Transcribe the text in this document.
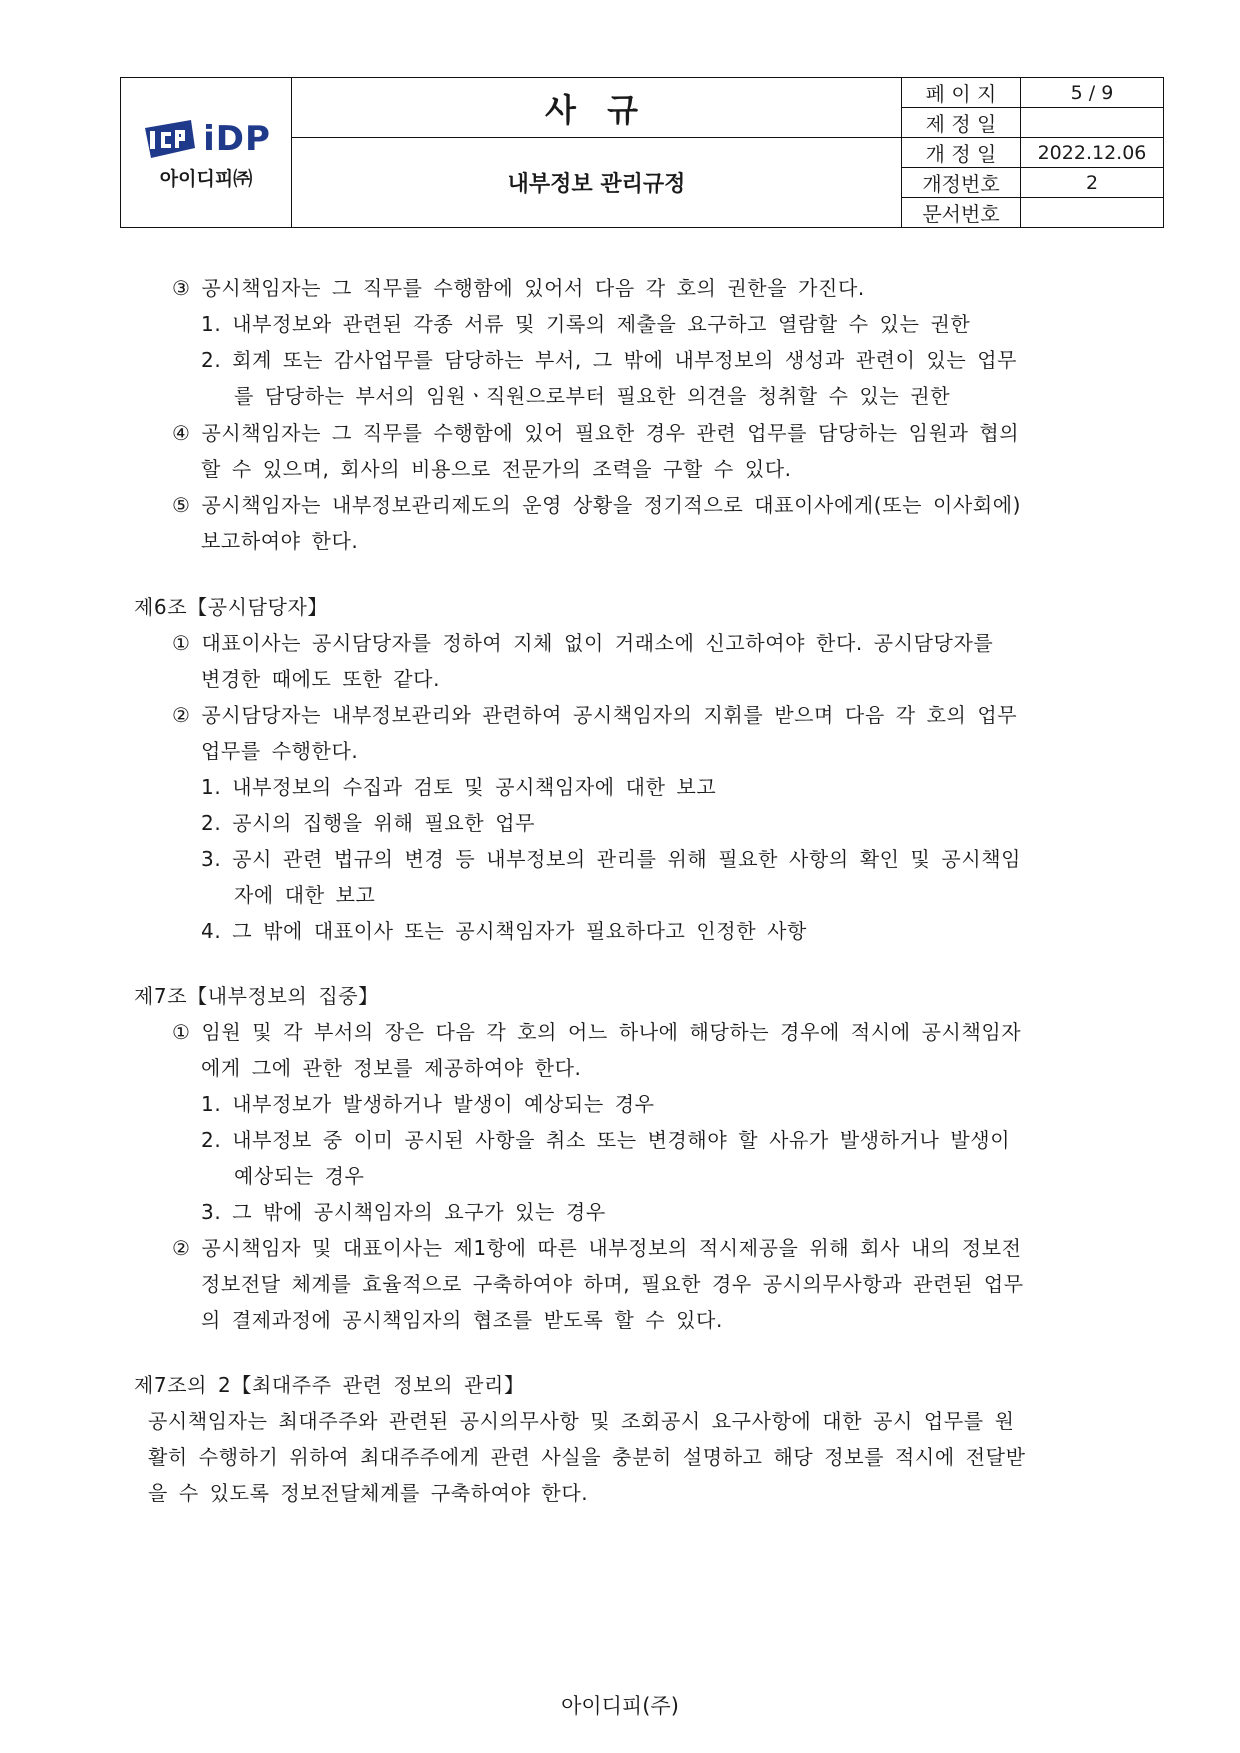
iDP
아이디피㈜	사 규	페 이 지	5 / 9
		제 정 일	
	내부정보 관리규정	개 정 일	2022.12.06
		개정번호	2
		문서번호	
③ 공시책임자는 그 직무를 수행함에 있어서 다음 각 호의 권한을 가진다.
1. 내부정보와 관련된 각종 서류 및 기록의 제출을 요구하고 열람할 수 있는 권한
2. 회계 또는 감사업무를 담당하는 부서, 그 밖에 내부정보의 생성과 관련이 있는 업무
를 담당하는 부서의 임원ㆍ직원으로부터 필요한 의견을 청취할 수 있는 권한
④ 공시책임자는 그 직무를 수행함에 있어 필요한 경우 관련 업무를 담당하는 임원과 협의
할 수 있으며, 회사의 비용으로 전문가의 조력을 구할 수 있다.
⑤ 공시책임자는 내부정보관리제도의 운영 상황을 정기적으로 대표이사에게(또는 이사회에)
보고하여야 한다.
제6조【공시담당자】
① 대표이사는 공시담당자를 정하여 지체 없이 거래소에 신고하여야 한다. 공시담당자를
변경한 때에도 또한 같다.
② 공시담당자는 내부정보관리와 관련하여 공시책임자의 지휘를 받으며 다음 각 호의 업무
업무를 수행한다.
1. 내부정보의 수집과 검토 및 공시책임자에 대한 보고
2. 공시의 집행을 위해 필요한 업무
3. 공시 관련 법규의 변경 등 내부정보의 관리를 위해 필요한 사항의 확인 및 공시책임
자에 대한 보고
4. 그 밖에 대표이사 또는 공시책임자가 필요하다고 인정한 사항
제7조【내부정보의 집중】
① 임원 및 각 부서의 장은 다음 각 호의 어느 하나에 해당하는 경우에 적시에 공시책임자
에게 그에 관한 정보를 제공하여야 한다.
1. 내부정보가 발생하거나 발생이 예상되는 경우
2. 내부정보 중 이미 공시된 사항을 취소 또는 변경해야 할 사유가 발생하거나 발생이
예상되는 경우
3. 그 밖에 공시책임자의 요구가 있는 경우
② 공시책임자 및 대표이사는 제1항에 따른 내부정보의 적시제공을 위해 회사 내의 정보전
정보전달 체계를 효율적으로 구축하여야 하며, 필요한 경우 공시의무사항과 관련된 업무
의 결제과정에 공시책임자의 협조를 받도록 할 수 있다.
제7조의 2【최대주주 관련 정보의 관리】
공시책임자는 최대주주와 관련된 공시의무사항 및 조회공시 요구사항에 대한 공시 업무를 원
활히 수행하기 위하여 최대주주에게 관련 사실을 충분히 설명하고 해당 정보를 적시에 전달받
을 수 있도록 정보전달체계를 구축하여야 한다.
아이디피(주)
